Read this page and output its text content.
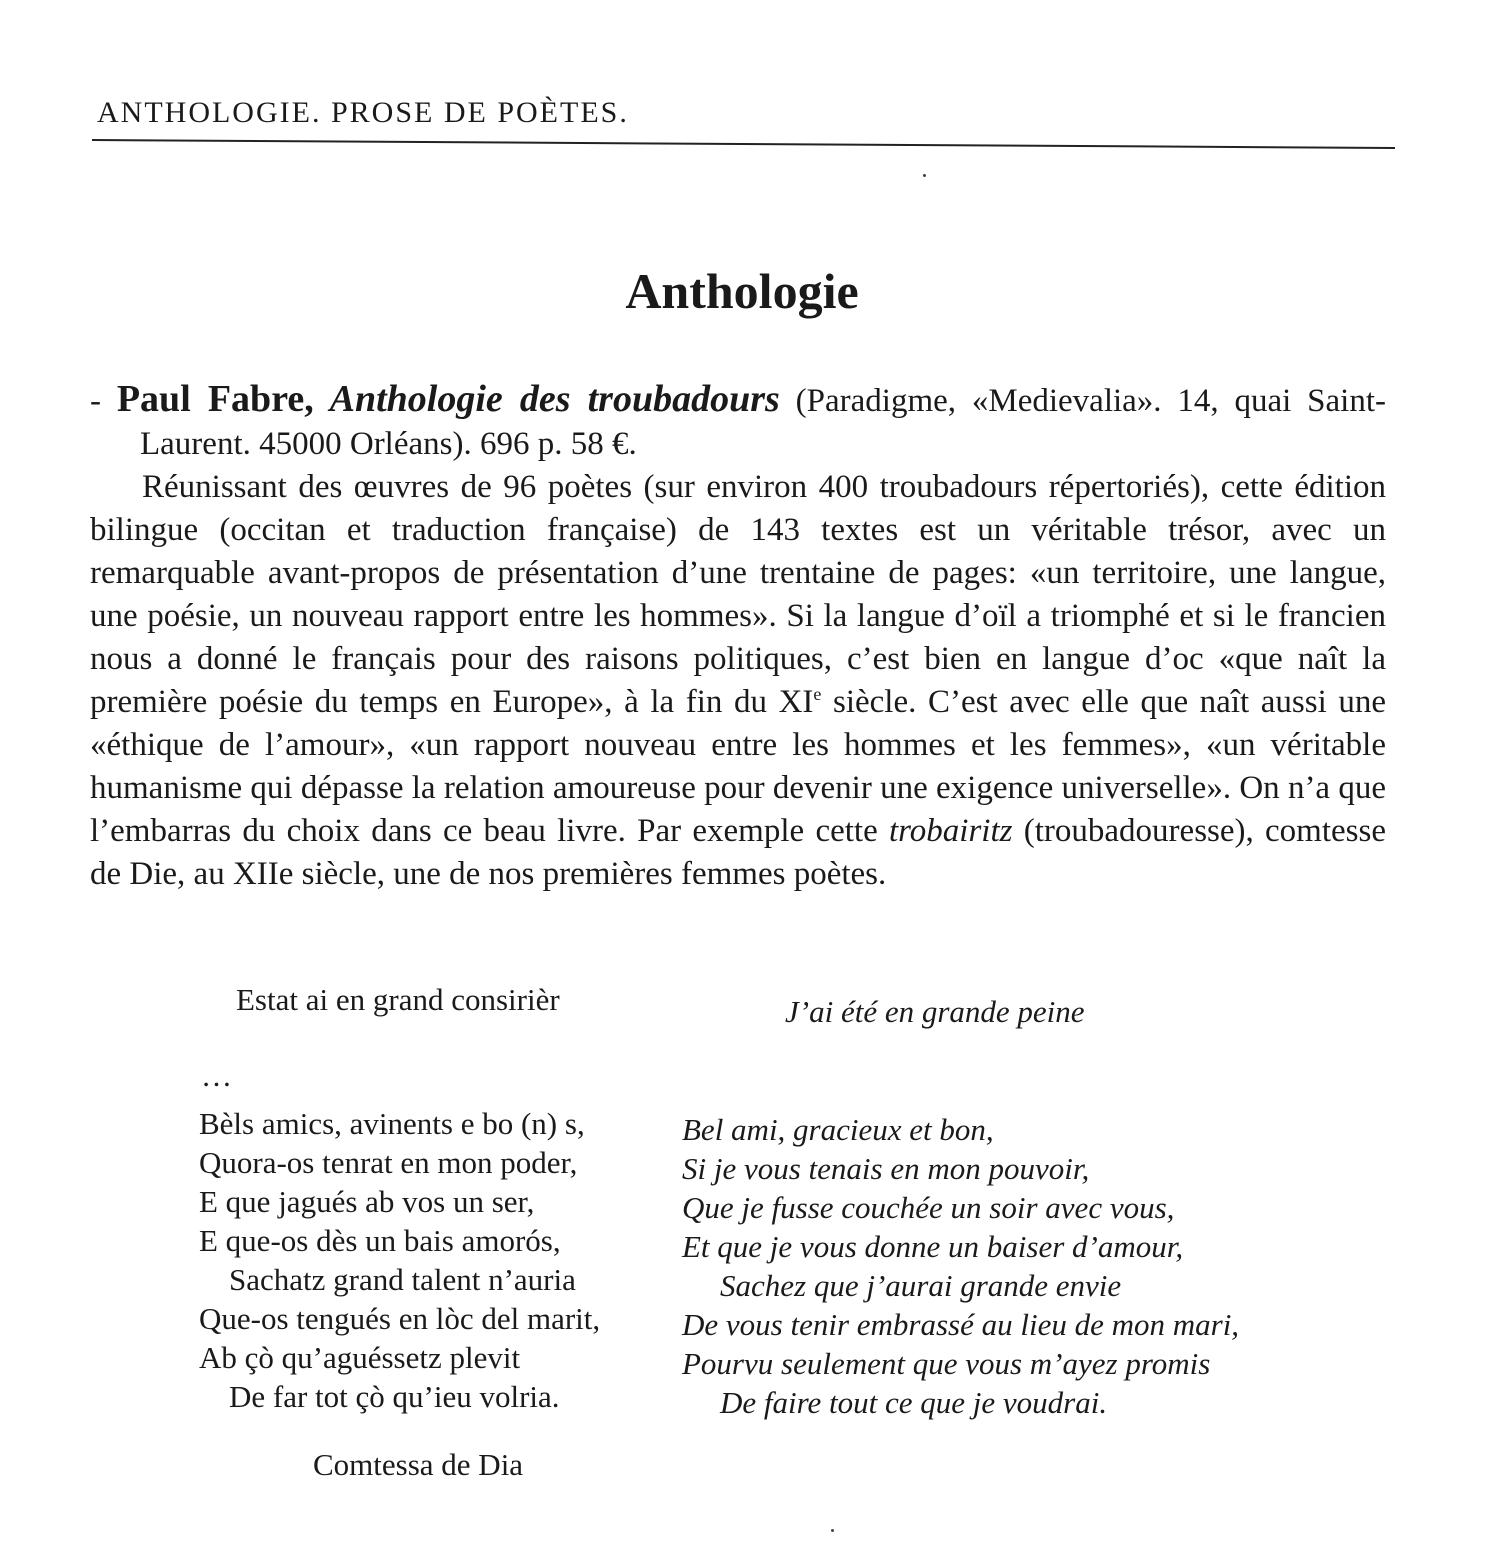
ANTHOLOGIE. PROSE DE POÈTES.
Anthologie

- Paul Fabre, Anthologie des troubadours (Paradigme, «Medievalia». 14, quai Saint-Laurent. 45000 Orléans). 696 p. 58 €.

Réunissant des œuvres de 96 poètes (sur environ 400 troubadours répertoriés), cette édition bilingue (occitan et traduction française) de 143 textes est un véritable trésor, avec un remarquable avant-propos de présentation d’une trentaine de pages: «un territoire, une langue, une poésie, un nouveau rapport entre les hommes». Si la langue d’oïl a triomphé et si le francien nous a donné le français pour des raisons politiques, c’est bien en langue d’oc «que naît la première poésie du temps en Europe», à la fin du XIe siècle. C’est avec elle que naît aussi une «éthique de l’amour», «un rapport nouveau entre les hommes et les femmes», «un véritable humanisme qui dépasse la relation amoureuse pour devenir une exigence universelle». On n’a que l’embarras du choix dans ce beau livre. Par exemple cette trobairitz (troubadouresse), comtesse de Die, au XIIe siècle, une de nos premières femmes poètes.

Estat ai en grand consirièr	J’ai été en grande peine
…
Bèls amics, avinents e bo (n) s,
Quora-os tenrat en mon poder,
E que jagués ab vos un ser,
E que-os dès un bais amorós,
Sachatz grand talent n’auria
Que-os tengués en lòc del marit,
Ab çò qu’aguéssetz plevit
De far tot çò qu’ieu volria.
Bel ami, gracieux et bon,
Si je vous tenais en mon pouvoir,
Que je fusse couchée un soir avec vous,
Et que je vous donne un baiser d’amour,
Sachez que j’aurai grande envie
De vous tenir embrassé au lieu de mon mari,
Pourvu seulement que vous m’ayez promis
De faire tout ce que je voudrai.
Comtessa de Dia
